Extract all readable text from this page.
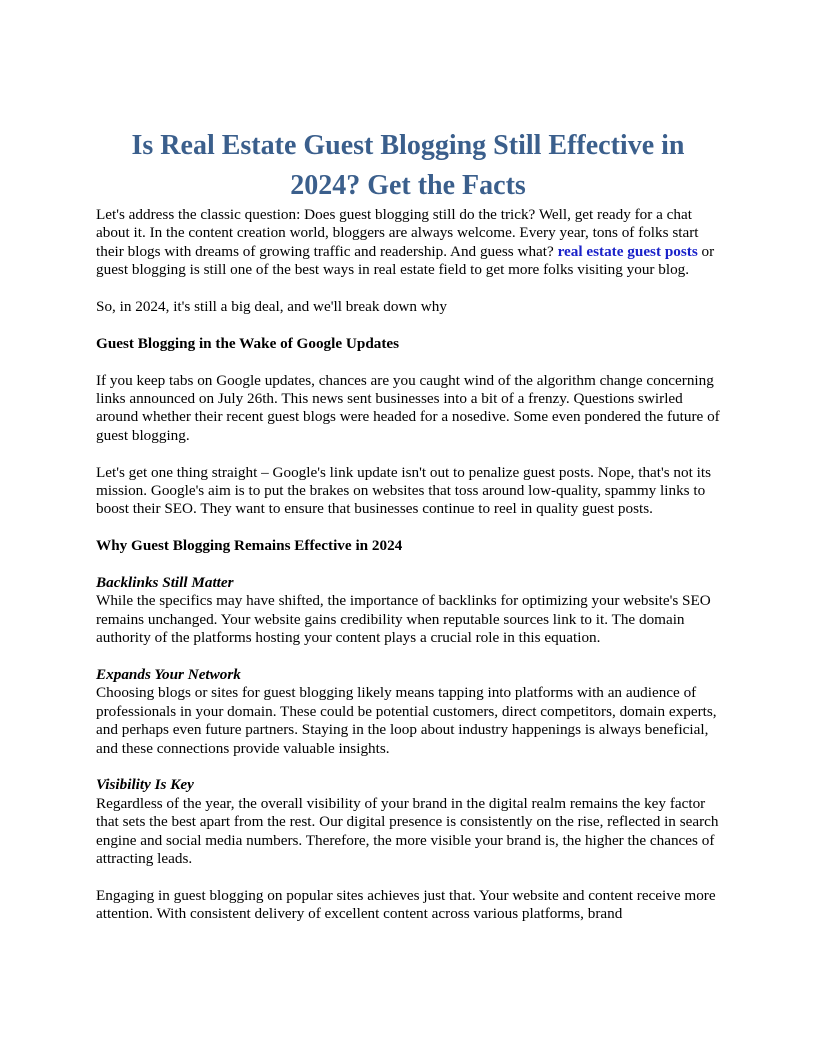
Is Real Estate Guest Blogging Still Effective in 2024? Get the Facts

Let's address the classic question: Does guest blogging still do the trick? Well, get ready for a chat about it. In the content creation world, bloggers are always welcome. Every year, tons of folks start their blogs with dreams of growing traffic and readership. And guess what? real estate guest posts or guest blogging is still one of the best ways in real estate field to get more folks visiting your blog.

So, in 2024, it's still a big deal, and we'll break down why

Guest Blogging in the Wake of Google Updates

If you keep tabs on Google updates, chances are you caught wind of the algorithm change concerning links announced on July 26th. This news sent businesses into a bit of a frenzy. Questions swirled around whether their recent guest blogs were headed for a nosedive. Some even pondered the future of guest blogging.

Let's get one thing straight – Google's link update isn't out to penalize guest posts. Nope, that's not its mission. Google's aim is to put the brakes on websites that toss around low-quality, spammy links to boost their SEO. They want to ensure that businesses continue to reel in quality guest posts.

Why Guest Blogging Remains Effective in 2024
Backlinks Still Matter

While the specifics may have shifted, the importance of backlinks for optimizing your website's SEO remains unchanged. Your website gains credibility when reputable sources link to it. The domain authority of the platforms hosting your content plays a crucial role in this equation.

Expands Your Network

Choosing blogs or sites for guest blogging likely means tapping into platforms with an audience of professionals in your domain. These could be potential customers, direct competitors, domain experts, and perhaps even future partners. Staying in the loop about industry happenings is always beneficial, and these connections provide valuable insights.

Visibility Is Key

Regardless of the year, the overall visibility of your brand in the digital realm remains the key factor that sets the best apart from the rest. Our digital presence is consistently on the rise, reflected in search engine and social media numbers. Therefore, the more visible your brand is, the higher the chances of attracting leads.

Engaging in guest blogging on popular sites achieves just that. Your website and content receive more attention. With consistent delivery of excellent content across various platforms, brand
